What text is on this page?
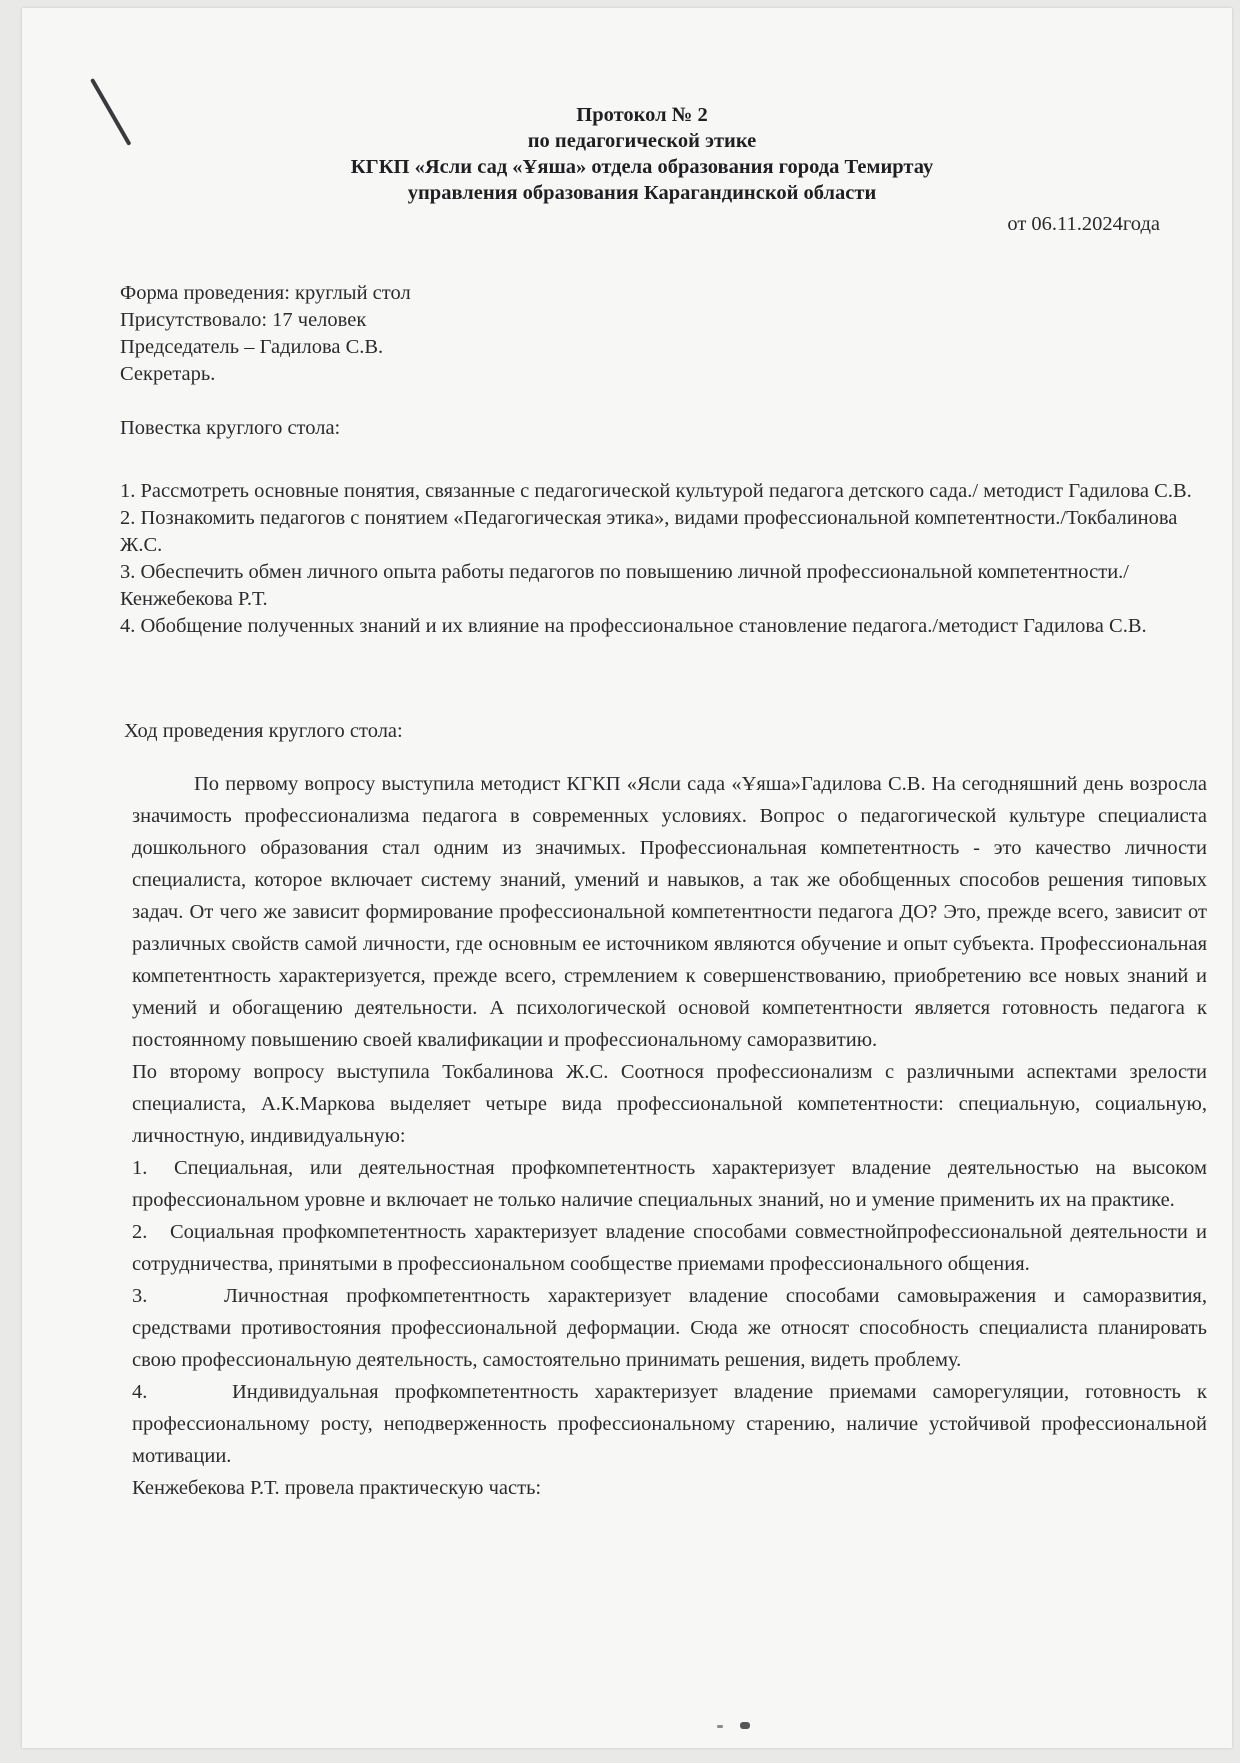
Протокол № 2
по педагогической этике
КГКП «Ясли сад «Ұяша» отдела образования города Темиртау
управления образования Карагандинской области
от 06.11.2024года
Форма проведения: круглый стол
Присутствовало: 17 человек
Председатель – Гадилова С.В.
Секретарь.
Повестка круглого стола:

1. Рассмотреть основные понятия, связанные с педагогической культурой педагога детского сада./ методист Гадилова С.В.

2. Познакомить педагогов с понятием «Педагогическая этика», видами профессиональной компетентности./Токбалинова Ж.С.

3. Обеспечить обмен личного опыта работы педагогов по повышению личной профессиональной компетентности./Кенжебекова Р.Т.

4. Обобщение полученных знаний и их влияние на профессиональное становление педагога./методист Гадилова С.В.

Ход проведения круглого стола:

По первому вопросу выступила методист КГКП «Ясли сада «Ұяша»Гадилова С.В. На сегодняшний день возросла значимость профессионализма педагога в современных условиях. Вопрос о педагогической культуре специалиста дошкольного образования стал одним из значимых. Профессиональная компетентность - это качество личности специалиста, которое включает систему знаний, умений и навыков, а так же обобщенных способов решения типовых задач. От чего же зависит формирование профессиональной компетентности педагога ДО? Это, прежде всего, зависит от различных свойств самой личности, где основным ее источником являются обучение и опыт субъекта. Профессиональная компетентность характеризуется, прежде всего, стремлением к совершенствованию, приобретению все новых знаний и умений и обогащению деятельности. А психологической основой компетентности является готовность педагога к постоянному повышению своей квалификации и профессиональному саморазвитию.

По второму вопросу выступила Токбалинова Ж.С. Соотнося профессионализм с различными аспектами зрелости специалиста, А.К.Маркова выделяет четыре вида профессиональной компетентности: специальную, социальную, личностную, индивидуальную:

1. Специальная, или деятельностная профкомпетентность характеризует владение деятельностью на высоком профессиональном уровне и включает не только наличие специальных знаний, но и умение применить их на практике.

2. Социальная профкомпетентность характеризует владение способами совместнойпрофессиональной деятельности и сотрудничества, принятыми в профессиональном сообществе приемами профессионального общения.

3.	Личностная профкомпетентность характеризует владение способами самовыражения и саморазвития, средствами противостояния профессиональной деформации. Сюда же относят способность специалиста планировать свою профессиональную деятельность, самостоятельно принимать решения, видеть проблему.

4.	Индивидуальная профкомпетентность характеризует владение приемами саморегуляции, готовность к профессиональному росту, неподверженность профессиональному старению, наличие устойчивой профессиональной мотивации.

Кенжебекова Р.Т. провела практическую часть:
